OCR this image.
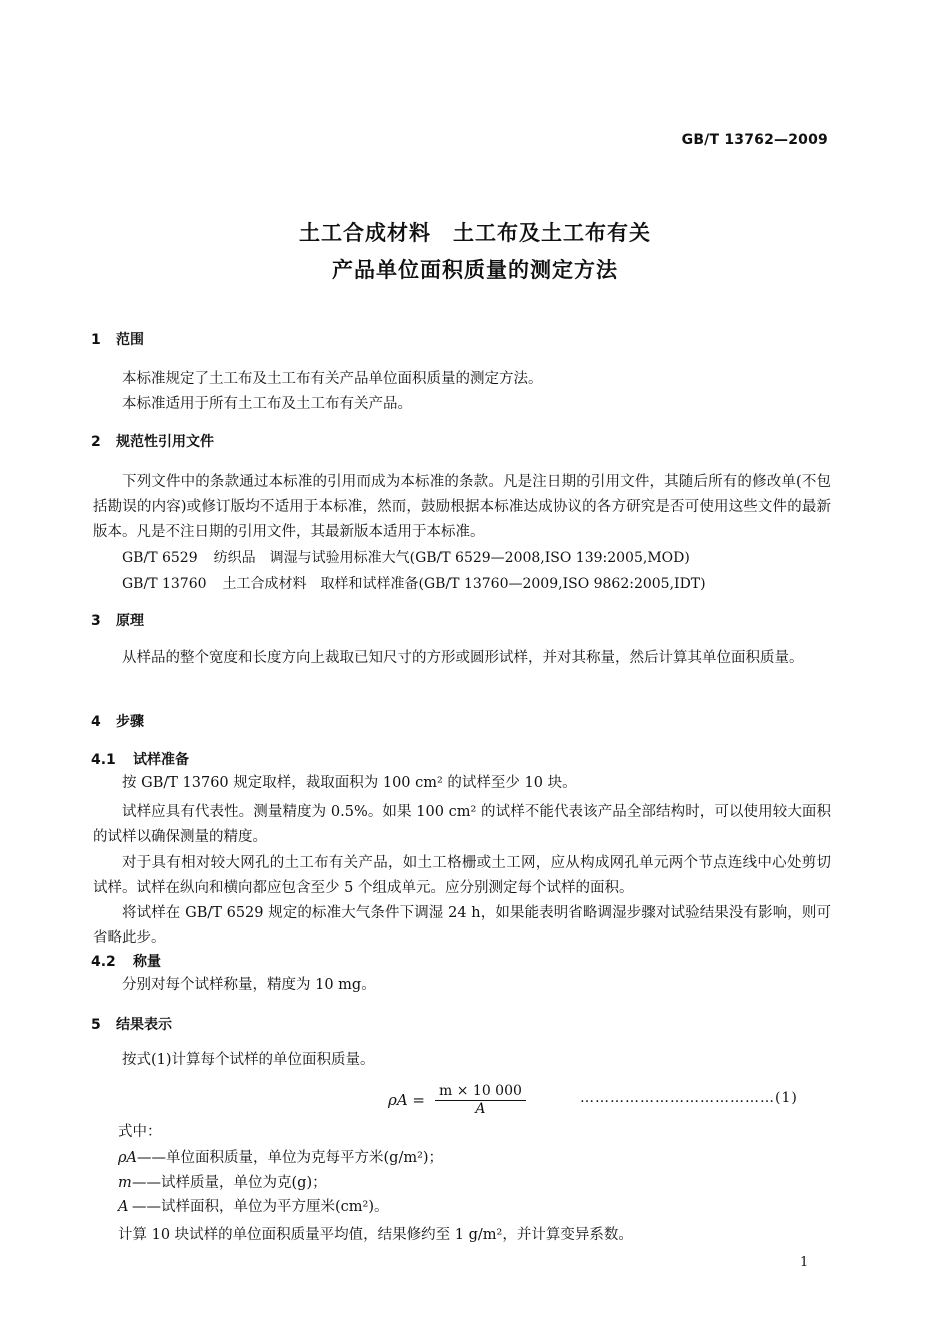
GB/T 13762—2009
土工合成材料　土工布及土工布有关
产品单位面积质量的测定方法
1 范围
本标准规定了土工布及土工布有关产品单位面积质量的测定方法。
本标准适用于所有土工布及土工布有关产品。
2 规范性引用文件
下列文件中的条款通过本标准的引用而成为本标准的条款。凡是注日期的引用文件，其随后所有的修改单(不包括勘误的内容)或修订版均不适用于本标准，然而，鼓励根据本标准达成协议的各方研究是否可使用这些文件的最新版本。凡是不注日期的引用文件，其最新版本适用于本标准。
GB/T 6529 纺织品　调湿与试验用标准大气(GB/T 6529—2008,ISO 139:2005,MOD)
GB/T 13760 土工合成材料　取样和试样准备(GB/T 13760—2009,ISO 9862:2005,IDT)
3 原理
从样品的整个宽度和长度方向上裁取已知尺寸的方形或圆形试样，并对其称量，然后计算其单位面积质量。
4 步骤
4.1 试样准备
按 GB/T 13760 规定取样，裁取面积为 100 cm² 的试样至少 10 块。
试样应具有代表性。测量精度为 0.5%。如果 100 cm² 的试样不能代表该产品全部结构时，可以使用较大面积的试样以确保测量的精度。
对于具有相对较大网孔的土工布有关产品，如土工格栅或土工网，应从构成网孔单元两个节点连线中心处剪切试样。试样在纵向和横向都应包含至少 5 个组成单元。应分别测定每个试样的面积。
将试样在 GB/T 6529 规定的标准大气条件下调湿 24 h，如果能表明省略调湿步骤对试验结果没有影响，则可省略此步。
4.2 称量
分别对每个试样称量，精度为 10 mg。
5 结果表示
按式(1)计算每个试样的单位面积质量。
$\rho A = \frac{m \times 10 000}{A}$	…………………………………(1)
式中：
ρA——单位面积质量，单位为克每平方米(g/m²)；
m——试样质量，单位为克(g)；
A ——试样面积，单位为平方厘米(cm²)。
计算 10 块试样的单位面积质量平均值，结果修约至 1 g/m²，并计算变异系数。
1
